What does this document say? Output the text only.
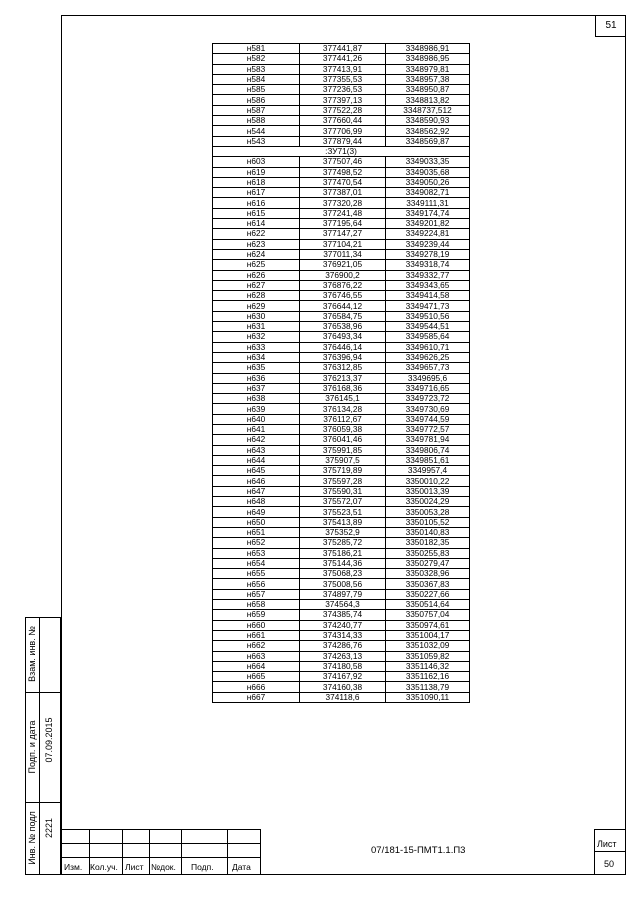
51
н581	377441,87	3348986,91
н582	377441,26	3348986,95
н583	377413,91	3348979,81
н584	377355,53	3348957,38
н585	377236,53	3348950,87
н586	377397,13	3348813,82
н587	377522,28	3348737,512
н588	377660,44	3348590,93
н544	377706,99	3348562,92
н543	377879,44	3348569,87
:ЗУ71(3)		
н603	377507,46	3349033,35
н619	377498,52	3349035,68
н618	377470,54	3349050,26
н617	377387,01	3349082,71
н616	377320,28	3349111,31
н615	377241,48	3349174,74
н614	377195,64	3349201,82
н622	377147,27	3349224,81
н623	377104,21	3349239,44
н624	377011,34	3349278,19
н625	376921,05	3349318,74
н626	376900,2	3349332,77
н627	376876,22	3349343,65
н628	376746,55	3349414,58
н629	376644,12	3349471,73
н630	376584,75	3349510,56
н631	376538,96	3349544,51
н632	376493,34	3349585,64
н633	376446,14	3349610,71
н634	376396,94	3349626,25
н635	376312,85	3349657,73
н636	376213,37	3349695,6
н637	376168,36	3349716,65
н638	376145,1	3349723,72
н639	376134,28	3349730,69
н640	376112,67	3349744,59
н641	376059,38	3349772,57
н642	376041,46	3349781,94
н643	375991,85	3349806,74
н644	375907,5	3349851,61
н645	375719,89	3349957,4
н646	375597,28	3350010,22
н647	375590,31	3350013,39
н648	375572,07	3350024,29
н649	375523,51	3350053,28
н650	375413,89	3350105,52
н651	375352,9	3350140,83
н652	375285,72	3350182,35
н653	375186,21	3350255,83
н654	375144,36	3350279,47
н655	375068,23	3350328,96
н656	375008,56	3350367,83
н657	374897,79	3350227,66
н658	374564,3	3350514,64
н659	374385,74	3350757,04
н660	374240,77	3350974,61
н661	374314,33	3351004,17
н662	374286,76	3351032,09
н663	374263,13	3351059,82
н664	374180,58	3351146,32
н665	374167,92	3351162,16
н666	374160,38	3351138,79
н667	374118,6	3351090,11
Взам. инв. №
Подп. и дата 07.09.2015
Инв. № подл 2221
Изм. Кол.уч. Лист №док. Подп. Дата
07/181-15-ПМТ1.1.П3
Лист
50
